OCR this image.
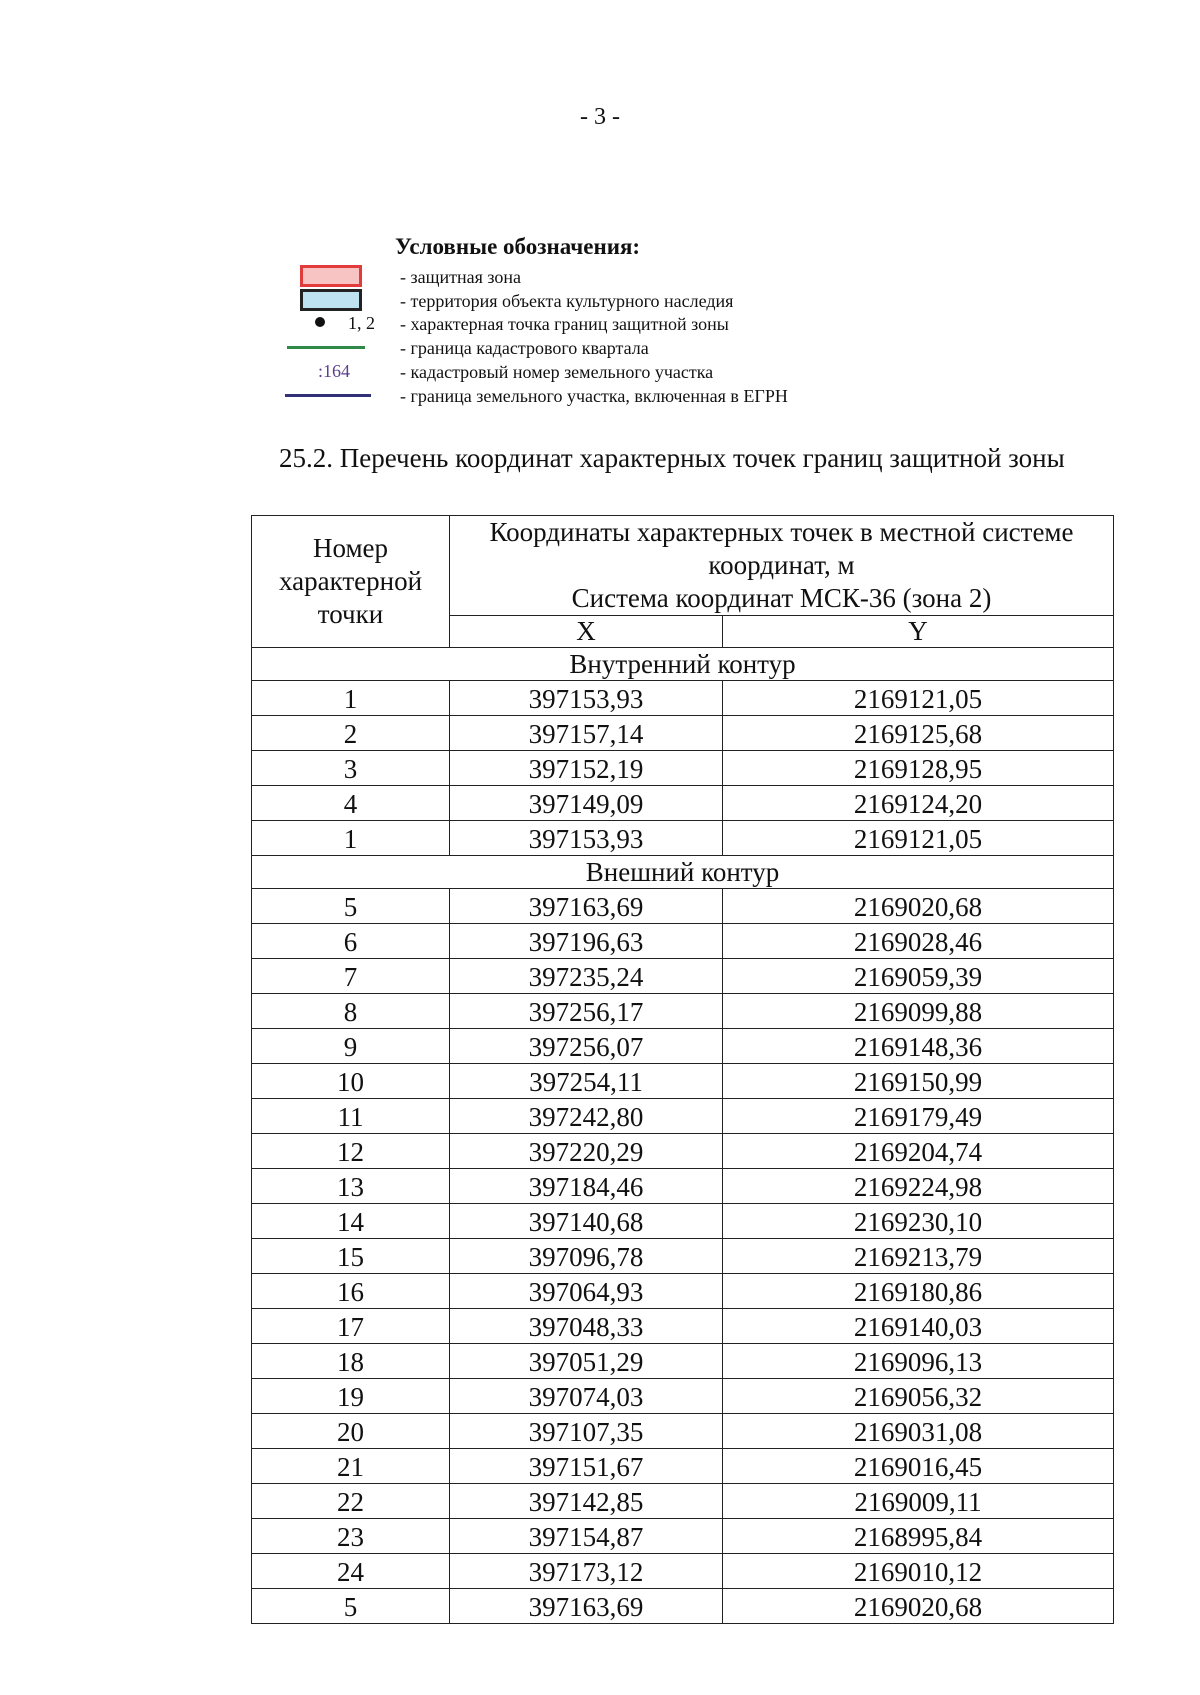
- 3 -
Условные обозначения:
- защитная зона
- территория объекта культурного наследия
1, 2 - характерная точка границ защитной зоны
- граница кадастрового квартала
:164	- кадастровый номер земельного участка
- граница земельного участка, включенная в ЕГРН
25.2. Перечень координат характерных точек границ защитной зоны
Номер характерной точки	Координаты характерных точек в местной системе координат, м
Система координат МСК-36 (зона 2)	

	X	Y
Внутренний контур		
1	397153,93	2169121,05
2	397157,14	2169125,68
3	397152,19	2169128,95
4	397149,09	2169124,20
1	397153,93	2169121,05
Внешний контур		
5	397163,69	2169020,68
6	397196,63	2169028,46
7	397235,24	2169059,39
8	397256,17	2169099,88
9	397256,07	2169148,36
10	397254,11	2169150,99
11	397242,80	2169179,49
12	397220,29	2169204,74
13	397184,46	2169224,98
14	397140,68	2169230,10
15	397096,78	2169213,79
16	397064,93	2169180,86
17	397048,33	2169140,03
18	397051,29	2169096,13
19	397074,03	2169056,32
20	397107,35	2169031,08
21	397151,67	2169016,45
22	397142,85	2169009,11
23	397154,87	2168995,84
24	397173,12	2169010,12
5	397163,69	2169020,68
